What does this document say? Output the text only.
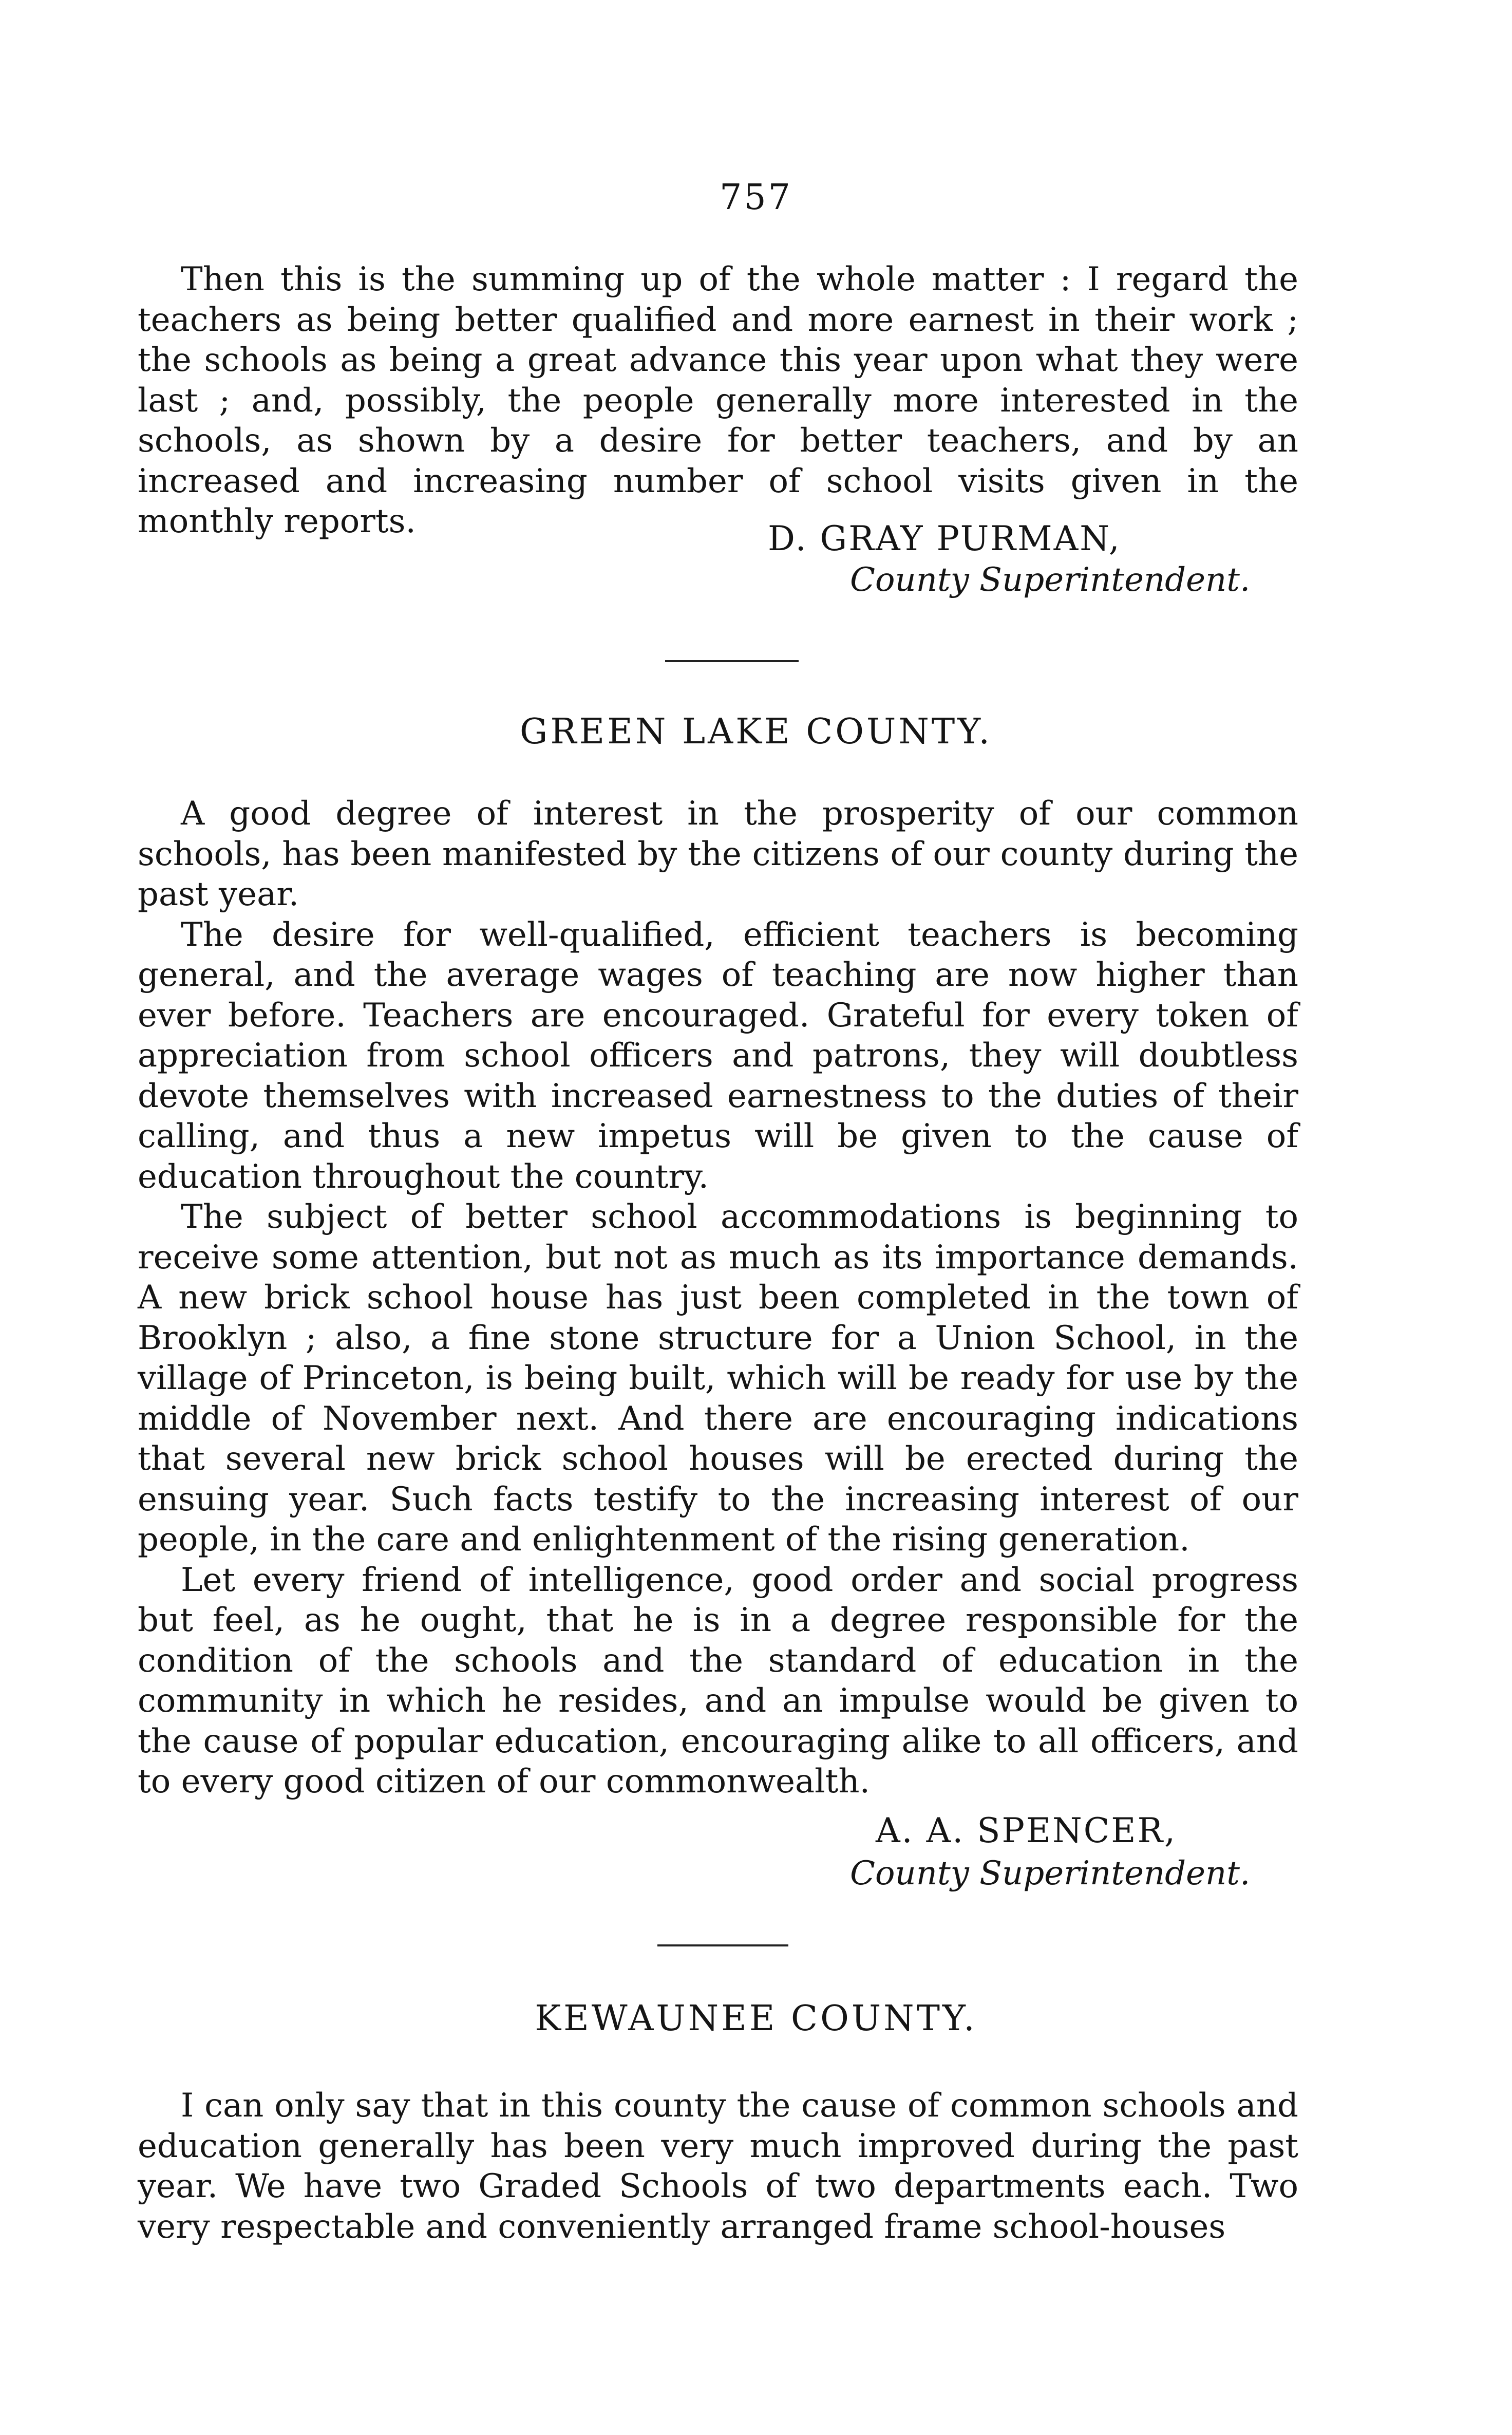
757

Then this is the summing up of the whole matter : I regard the teachers as being better qualified and more earnest in their work ; the schools as being a great advance this year upon what they were last ; and, possibly, the people generally more interested in the schools, as shown by a desire for better teachers, and by an increased and increasing number of school visits given in the monthly reports.	D. GRAY PURMAN,
County Superintendent.
GREEN LAKE COUNTY.

A good degree of interest in the prosperity of our common schools, has been manifested by the citizens of our county during the past year.

The desire for well-qualified, efficient teachers is becoming general, and the average wages of teaching are now higher than ever before. Teachers are encouraged. Grateful for every token of appreciation from school officers and patrons, they will doubtless devote themselves with increased earnestness to the duties of their calling, and thus a new impetus will be given to the cause of education throughout the country.

The subject of better school accommodations is beginning to receive some attention, but not as much as its importance demands. A new brick school house has just been completed in the town of Brooklyn ; also, a fine stone structure for a Union School, in the village of Princeton, is being built, which will be ready for use by the middle of November next. And there are encouraging indications that several new brick school houses will be erected during the ensuing year. Such facts testify to the increasing interest of our people, in the care and enlightenment of the rising generation.

Let every friend of intelligence, good order and social progress but feel, as he ought, that he is in a degree responsible for the condition of the schools and the standard of education in the community in which he resides, and an impulse would be given to the cause of popular education, encouraging alike to all officers, and to every good citizen of our commonwealth.

A. A. SPENCER,
County Superintendent.
KEWAUNEE COUNTY.

I can only say that in this county the cause of common schools and education generally has been very much improved during the past year. We have two Graded Schools of two departments each. Two very respectable and conveniently arranged frame school-houses
